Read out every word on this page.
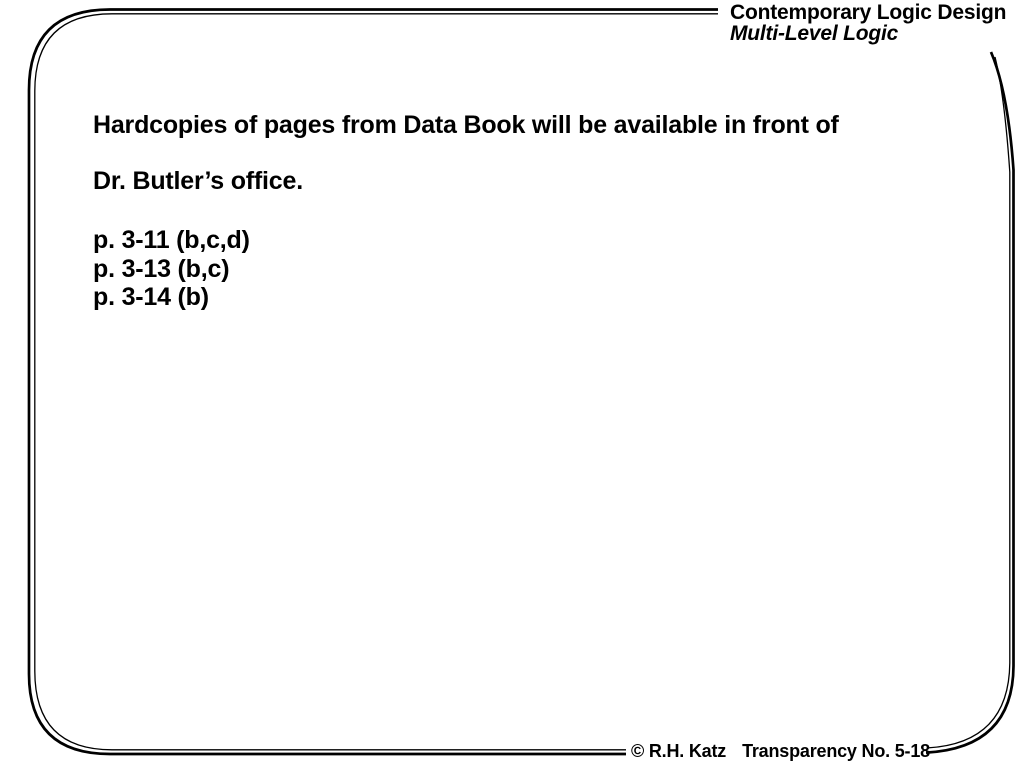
Contemporary Logic Design
Multi-Level Logic
Hardcopies of pages from Data Book will be available in front of
Dr. Butler’s office.
p. 3-11 (b,c,d)
p. 3-13 (b,c)
p. 3-14 (b)
© R.H. Katz Transparency No. 5-18
